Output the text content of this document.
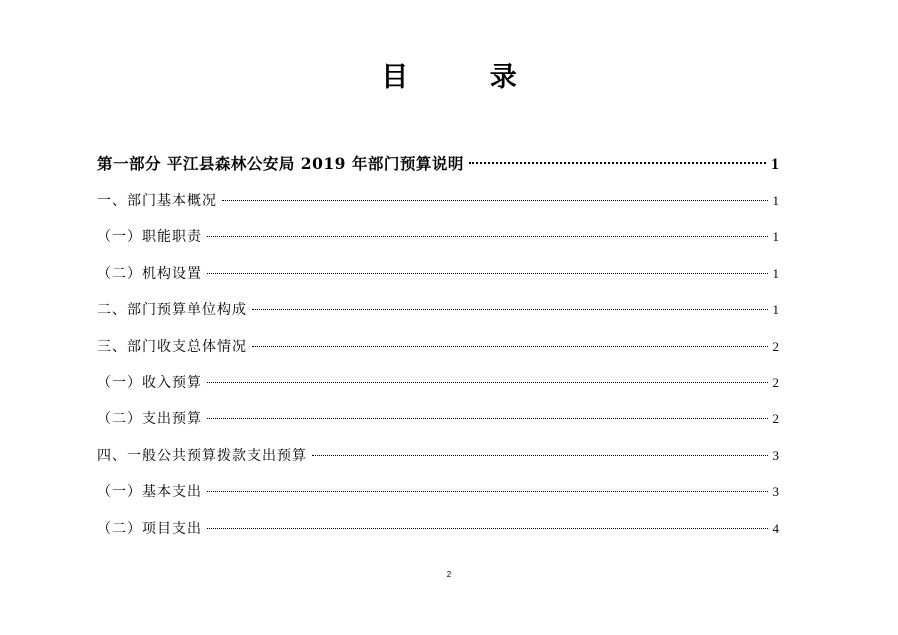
目 录
第一部分 平江县森林公安局 2019 年部门预算说明	1
一、部门基本概况	1
（一）职能职责	1
（二）机构设置	1
二、部门预算单位构成	1
三、部门收支总体情况	2
（一）收入预算	2
（二）支出预算	2
四、一般公共预算拨款支出预算	3
（一）基本支出	3
（二）项目支出	4
2
